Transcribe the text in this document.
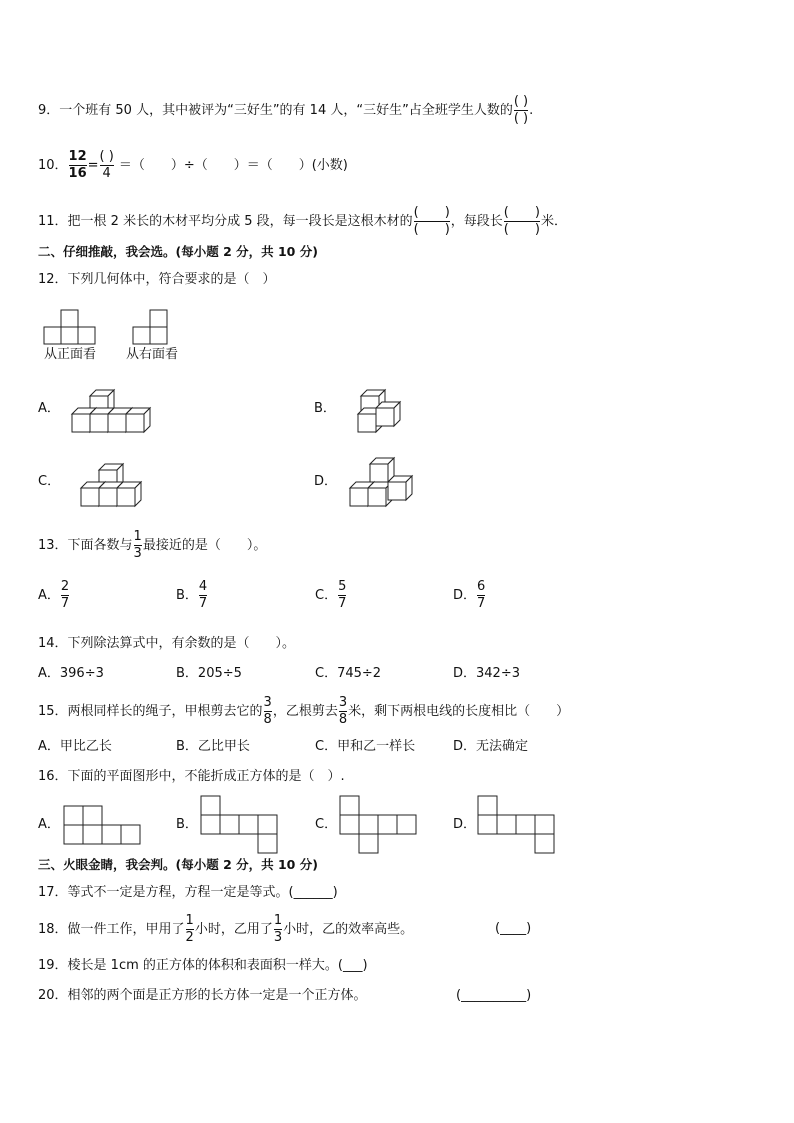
9．一个班有 50 人，其中被评为“三好生”的有 14 人，“三好生”占全班学生人数的 $\frac{( )}{( )}$ .
10． $\frac{12}{16} = \frac{( )}{4}$ ＝（　　）÷（　　）＝（　　）(小数)
11．把一根 2 米长的木材平均分成 5 段，每一段长是这根木材的 $\frac{( )}{( )}$ ，每段长 $\frac{( )}{( )}$ 米．
二、仔细推敲，我会选。(每小题 2 分，共 10 分)
12．下列几何体中，符合要求的是（　）
从正面看 从右面看
A．	B．
C．	D．
13．下面各数与 $\frac{1}{3}$ 最接近的是（　　）。
A． $\frac{2}{7}$	B． $\frac{4}{7}$	C． $\frac{5}{7}$	D． $\frac{6}{7}$
14．下列除法算式中，有余数的是（　　）。
A．396÷3	B．205÷5	C．745÷2	D．342÷3
15．两根同样长的绳子，甲根剪去它的 $\frac{3}{8}$ ，乙根剪去 $\frac{3}{8}$ 米，剩下两根电线的长度相比（　　）
A．甲比乙长	B．乙比甲长	C．甲和乙一样长	D．无法确定
16．下面的平面图形中，不能折成正方体的是（　）.
A．	B．	C．	D．
三、火眼金睛，我会判。(每小题 2 分，共 10 分)
17．等式不一定是方程，方程一定是等式。(______)
18．做一件工作，甲用了 $\frac{1}{2}$ 小时，乙用了 $\frac{1}{3}$ 小时，乙的效率高些。	(____)
19．棱长是 1cm 的正方体的体积和表面积一样大。(___)
20．相邻的两个面是正方形的长方体一定是一个正方体。	(__________)
